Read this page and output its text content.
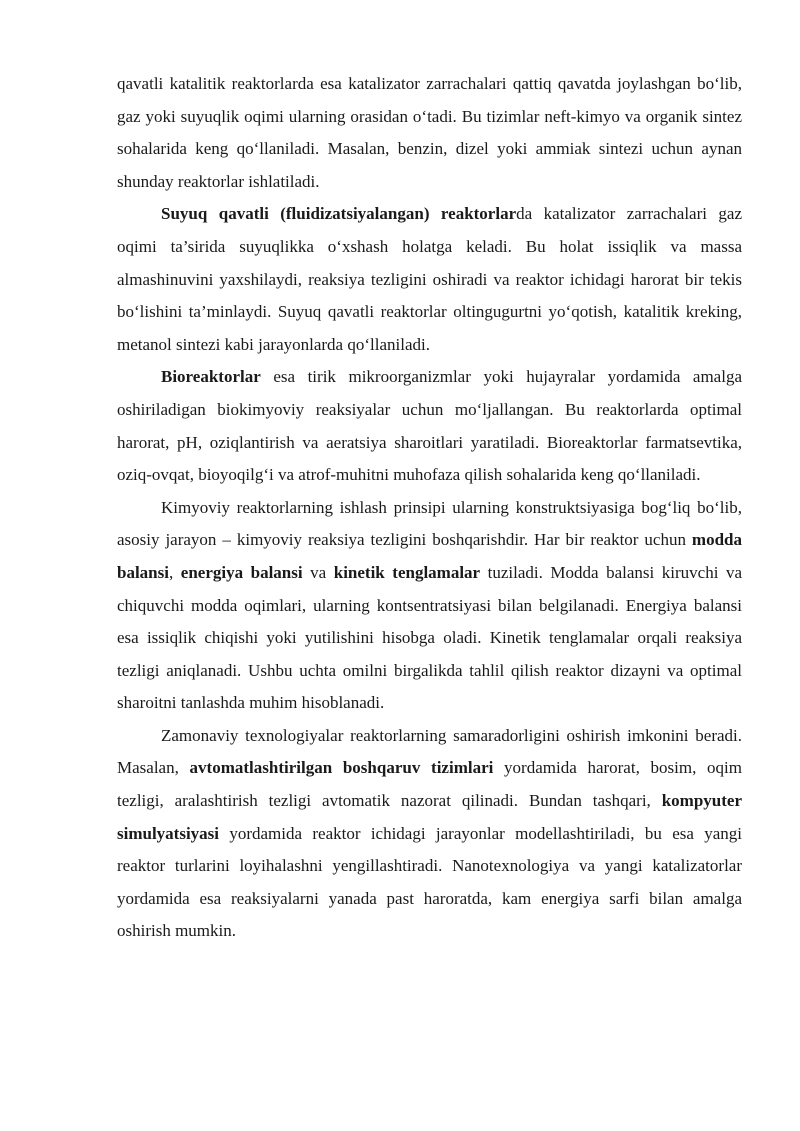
qavatli katalitik reaktorlarda esa katalizator zarrachalari qattiq qavatda joylashgan bo‘lib, gaz yoki suyuqlik oqimi ularning orasidan o‘tadi. Bu tizimlar neft-kimyo va organik sintez sohalarida keng qo‘llaniladi. Masalan, benzin, dizel yoki ammiak sintezi uchun aynan shunday reaktorlar ishlatiladi.

Suyuq qavatli (fluidizatsiyalangan) reaktorlarda katalizator zarrachalari gaz oqimi ta’sirida suyuqlikka o‘xshash holatga keladi. Bu holat issiqlik va massa almashinuvini yaxshilaydi, reaksiya tezligini oshiradi va reaktor ichidagi harorat bir tekis bo‘lishini ta’minlaydi. Suyuq qavatli reaktorlar oltingugurtni yo‘qotish, katalitik kreking, metanol sintezi kabi jarayonlarda qo‘llaniladi.

Bioreaktorlar esa tirik mikroorganizmlar yoki hujayralar yordamida amalga oshiriladigan biokimyoviy reaksiyalar uchun mo‘ljallangan. Bu reaktorlarda optimal harorat, pH, oziqlantirish va aeratsiya sharoitlari yaratiladi. Bioreaktorlar farmatsevtika, oziq-ovqat, bioyoqilg‘i va atrof-muhitni muhofaza qilish sohalarida keng qo‘llaniladi.

Kimyoviy reaktorlarning ishlash prinsipi ularning konstruktsiyasiga bog‘liq bo‘lib, asosiy jarayon – kimyoviy reaksiya tezligini boshqarishdir. Har bir reaktor uchun modda balansi, energiya balansi va kinetik tenglamalar tuziladi. Modda balansi kiruvchi va chiquvchi modda oqimlari, ularning kontsentratsiyasi bilan belgilanadi. Energiya balansi esa issiqlik chiqishi yoki yutilishini hisobga oladi. Kinetik tenglamalar orqali reaksiya tezligi aniqlanadi. Ushbu uchta omilni birgalikda tahlil qilish reaktor dizayni va optimal sharoitni tanlashda muhim hisoblanadi.

Zamonaviy texnologiyalar reaktorlarning samaradorligini oshirish imkonini beradi. Masalan, avtomatlashtirilgan boshqaruv tizimlari yordamida harorat, bosim, oqim tezligi, aralashtirish tezligi avtomatik nazorat qilinadi. Bundan tashqari, kompyuter simulyatsiyasi yordamida reaktor ichidagi jarayonlar modellashtiriladi, bu esa yangi reaktor turlarini loyihalashni yengillashtiradi. Nanotexnologiya va yangi katalizatorlar yordamida esa reaksiyalarni yanada past haroratda, kam energiya sarfi bilan amalga oshirish mumkin.
